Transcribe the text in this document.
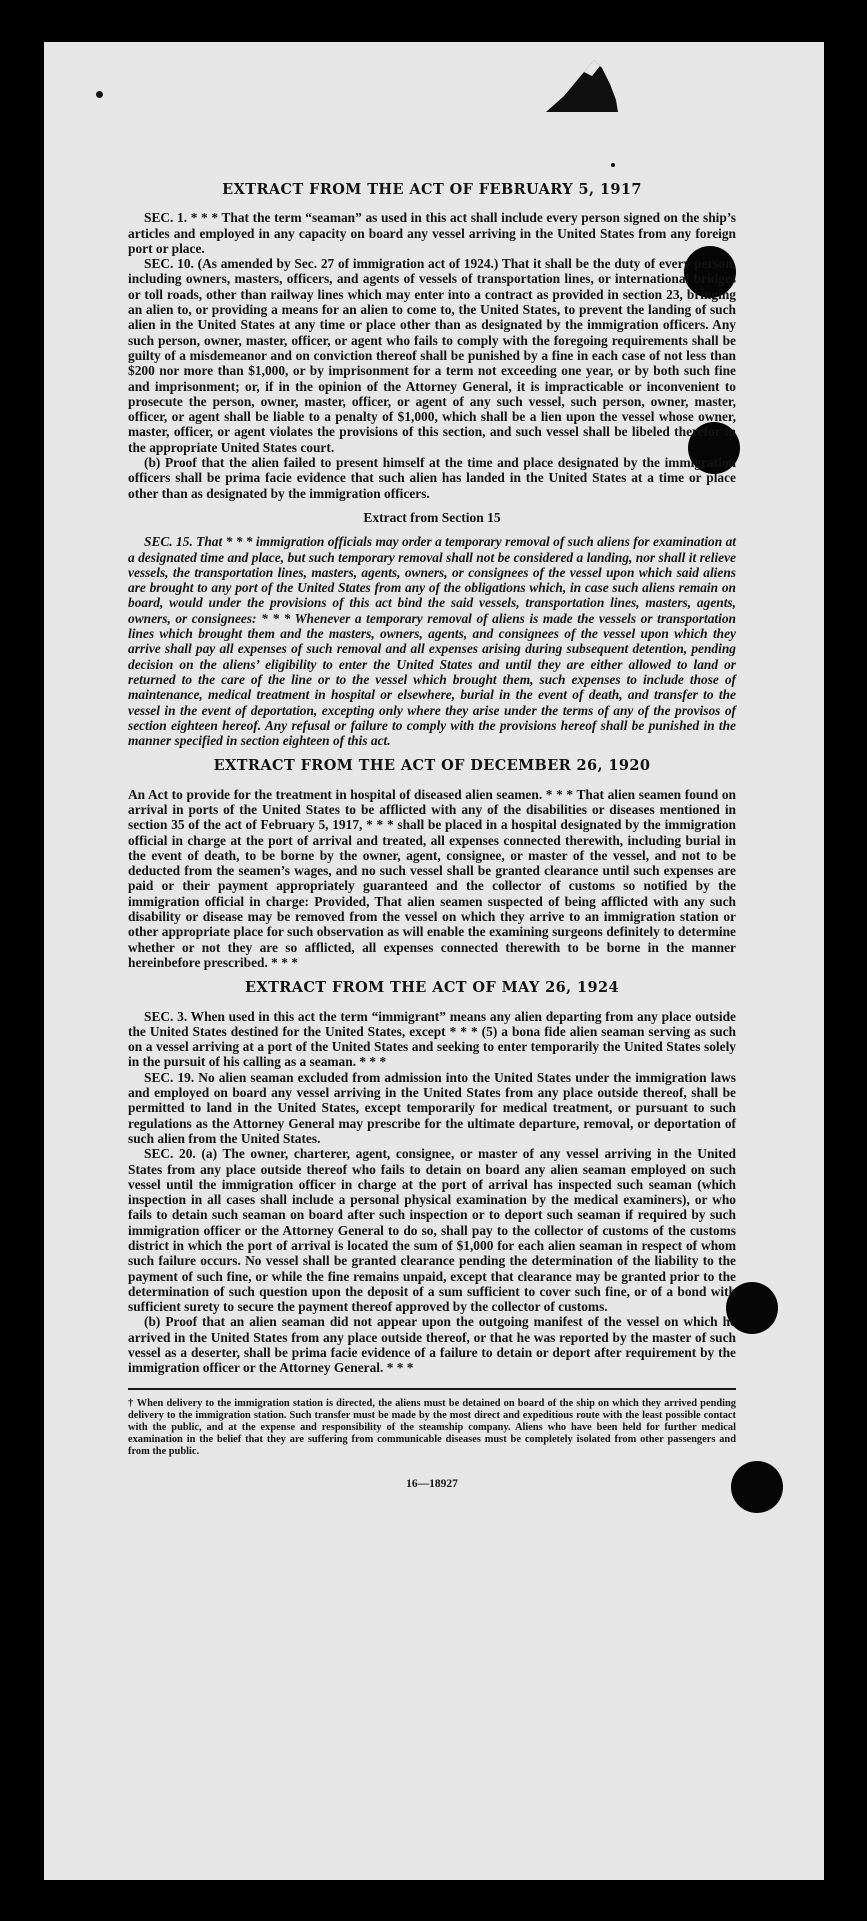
EXTRACT FROM THE ACT OF FEBRUARY 5, 1917

SEC. 1. * * * That the term “seaman” as used in this act shall include every person signed on the ship’s articles and employed in any capacity on board any vessel arriving in the United States from any foreign port or place.

SEC. 10. (As amended by Sec. 27 of immigration act of 1924.) That it shall be the duty of every person, including owners, masters, officers, and agents of vessels of transportation lines, or international bridges or toll roads, other than railway lines which may enter into a contract as provided in section 23, bringing an alien to, or providing a means for an alien to come to, the United States, to prevent the landing of such alien in the United States at any time or place other than as designated by the immigration officers. Any such person, owner, master, officer, or agent who fails to comply with the foregoing requirements shall be guilty of a misdemeanor and on conviction thereof shall be punished by a fine in each case of not less than $200 nor more than $1,000, or by imprisonment for a term not exceeding one year, or by both such fine and imprisonment; or, if in the opinion of the Attorney General, it is impracticable or inconvenient to prosecute the person, owner, master, officer, or agent of any such vessel, such person, owner, master, officer, or agent shall be liable to a penalty of $1,000, which shall be a lien upon the vessel whose owner, master, officer, or agent violates the provisions of this section, and such vessel shall be libeled therefor in the appropriate United States court.

(b) Proof that the alien failed to present himself at the time and place designated by the immigration officers shall be prima facie evidence that such alien has landed in the United States at a time or place other than as designated by the immigration officers.

Extract from Section 15

SEC. 15. That * * * immigration officials may order a temporary removal of such aliens for examination at a designated time and place, but such temporary removal shall not be considered a landing, nor shall it relieve vessels, the transportation lines, masters, agents, owners, or consignees of the vessel upon which said aliens are brought to any port of the United States from any of the obligations which, in case such aliens remain on board, would under the provisions of this act bind the said vessels, transportation lines, masters, agents, owners, or consignees: * * * Whenever a temporary removal of aliens is made the vessels or transportation lines which brought them and the masters, owners, agents, and consignees of the vessel upon which they arrive shall pay all expenses of such removal and all expenses arising during subsequent detention, pending decision on the aliens’ eligibility to enter the United States and until they are either allowed to land or returned to the care of the line or to the vessel which brought them, such expenses to include those of maintenance, medical treatment in hospital or elsewhere, burial in the event of death, and transfer to the vessel in the event of deportation, excepting only where they arise under the terms of any of the provisos of section eighteen hereof. Any refusal or failure to comply with the provisions hereof shall be punished in the manner specified in section eighteen of this act.

EXTRACT FROM THE ACT OF DECEMBER 26, 1920

An Act to provide for the treatment in hospital of diseased alien seamen. * * * That alien seamen found on arrival in ports of the United States to be afflicted with any of the disabilities or diseases mentioned in section 35 of the act of February 5, 1917, * * * shall be placed in a hospital designated by the immigration official in charge at the port of arrival and treated, all expenses connected therewith, including burial in the event of death, to be borne by the owner, agent, consignee, or master of the vessel, and not to be deducted from the seamen’s wages, and no such vessel shall be granted clearance until such expenses are paid or their payment appropriately guaranteed and the collector of customs so notified by the immigration official in charge: Provided, That alien seamen suspected of being afflicted with any such disability or disease may be removed from the vessel on which they arrive to an immigration station or other appropriate place for such observation as will enable the examining surgeons definitely to determine whether or not they are so afflicted, all expenses connected therewith to be borne in the manner hereinbefore prescribed. * * *

EXTRACT FROM THE ACT OF MAY 26, 1924

SEC. 3. When used in this act the term “immigrant” means any alien departing from any place outside the United States destined for the United States, except * * * (5) a bona fide alien seaman serving as such on a vessel arriving at a port of the United States and seeking to enter temporarily the United States solely in the pursuit of his calling as a seaman. * * *

SEC. 19. No alien seaman excluded from admission into the United States under the immigration laws and employed on board any vessel arriving in the United States from any place outside thereof, shall be permitted to land in the United States, except temporarily for medical treatment, or pursuant to such regulations as the Attorney General may prescribe for the ultimate departure, removal, or deportation of such alien from the United States.

SEC. 20. (a) The owner, charterer, agent, consignee, or master of any vessel arriving in the United States from any place outside thereof who fails to detain on board any alien seaman employed on such vessel until the immigration officer in charge at the port of arrival has inspected such seaman (which inspection in all cases shall include a personal physical examination by the medical examiners), or who fails to detain such seaman on board after such inspection or to deport such seaman if required by such immigration officer or the Attorney General to do so, shall pay to the collector of customs of the customs district in which the port of arrival is located the sum of $1,000 for each alien seaman in respect of whom such failure occurs. No vessel shall be granted clearance pending the determination of the liability to the payment of such fine, or while the fine remains unpaid, except that clearance may be granted prior to the determination of such question upon the deposit of a sum sufficient to cover such fine, or of a bond with sufficient surety to secure the payment thereof approved by the collector of customs.

(b) Proof that an alien seaman did not appear upon the outgoing manifest of the vessel on which he arrived in the United States from any place outside thereof, or that he was reported by the master of such vessel as a deserter, shall be prima facie evidence of a failure to detain or deport after requirement by the immigration officer or the Attorney General. * * *

† When delivery to the immigration station is directed, the aliens must be detained on board of the ship on which they arrived pending delivery to the immigration station. Such transfer must be made by the most direct and expeditious route with the least possible contact with the public, and at the expense and responsibility of the steamship company. Aliens who have been held for further medical examination in the belief that they are suffering from communicable diseases must be completely isolated from other passengers and from the public.
16—18927
